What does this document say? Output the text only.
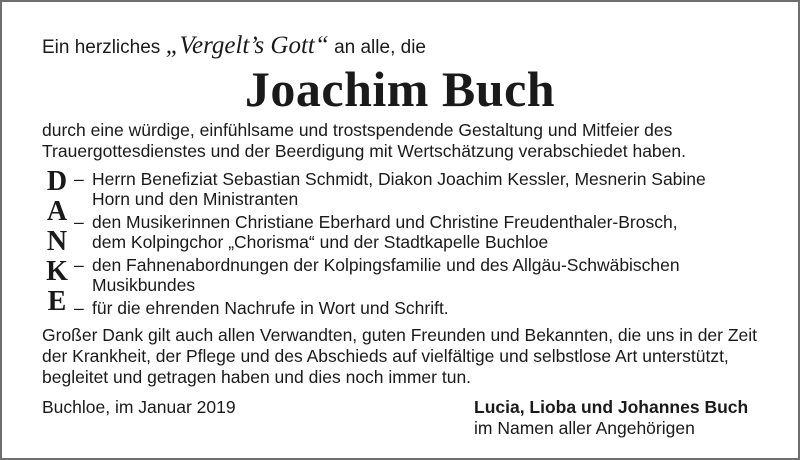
Ein herzliches „Vergelt’s Gott“ an alle, die
Joachim Buch
durch eine würdige, einfühlsame und trostspendende Gestaltung und Mitfeier des Trauergottesdienstes und der Beerdigung mit Wertschätzung verabschiedet haben.
D
A
N
K
E
– Herrn Benefiziat Sebastian Schmidt, Diakon Joachim Kessler, Mesnerin Sabine
Horn und den Ministranten
– den Musikerinnen Christiane Eberhard und Christine Freudenthaler-Brosch,
dem Kolpingchor „Chorisma“ und der Stadtkapelle Buchloe
– den Fahnenabordnungen der Kolpingsfamilie und des Allgäu-Schwäbischen
Musikbundes
– für die ehrenden Nachrufe in Wort und Schrift.
Großer Dank gilt auch allen Verwandten, guten Freunden und Bekannten, die uns in der Zeit der Krankheit, der Pflege und des Abschieds auf vielfältige und selbstlose Art unterstützt, begleitet und getragen haben und dies noch immer tun.
Buchloe, im Januar 2019	Lucia, Lioba und Johannes Buch
im Namen aller Angehörigen
